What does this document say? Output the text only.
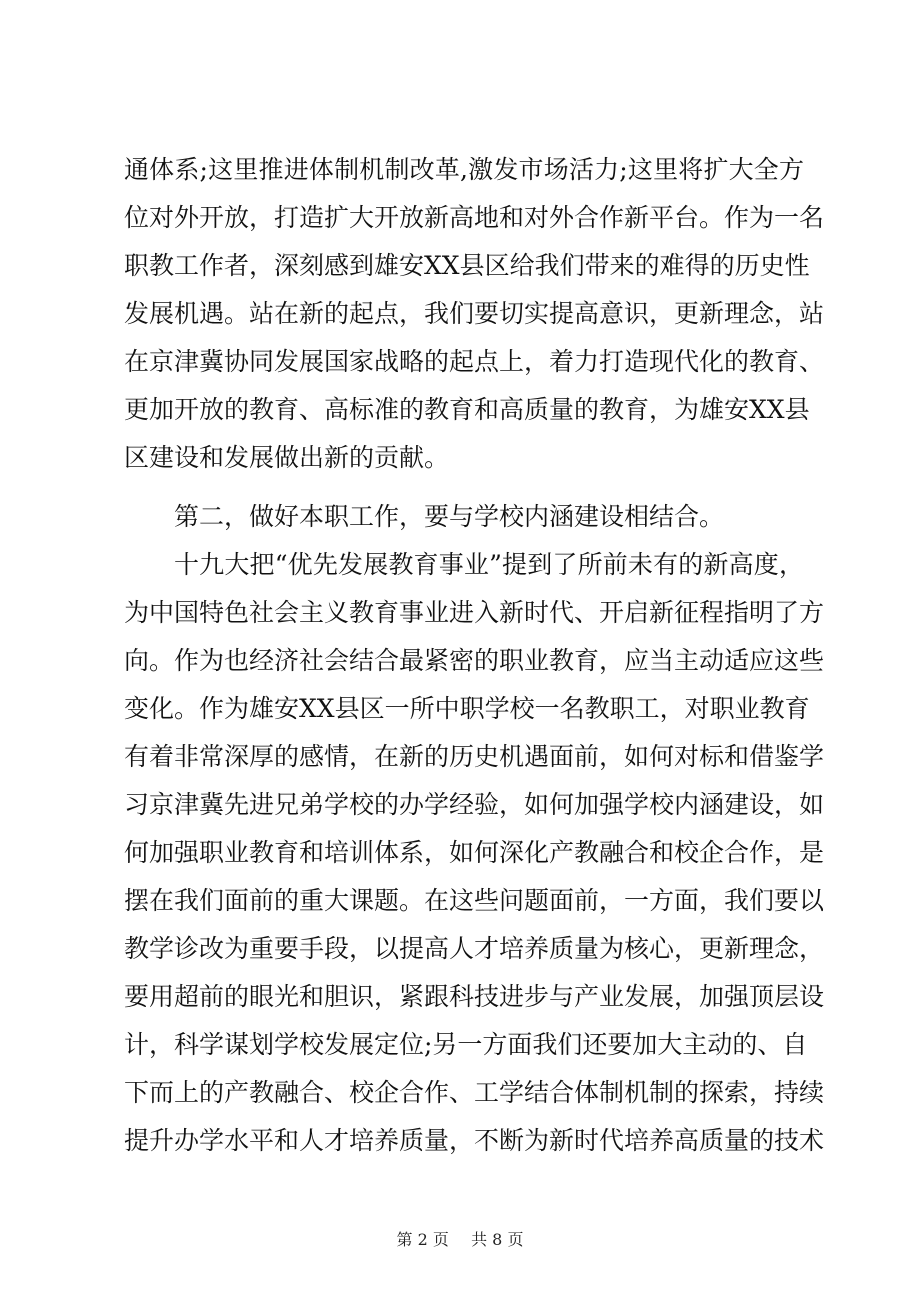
通体系;这里推进体制机制改革,激发市场活力;这里将扩大全方
位对外开放，打造扩大开放新高地和对外合作新平台。作为一名
职教工作者，深刻感到雄安XX县区给我们带来的难得的历史性
发展机遇。站在新的起点，我们要切实提高意识，更新理念，站
在京津冀协同发展国家战略的起点上，着力打造现代化的教育、
更加开放的教育、高标准的教育和高质量的教育，为雄安XX县
区建设和发展做出新的贡献。
第二，做好本职工作，要与学校内涵建设相结合。
十九大把“优先发展教育事业”提到了所前未有的新高度，
为中国特色社会主义教育事业进入新时代、开启新征程指明了方
向。作为也经济社会结合最紧密的职业教育，应当主动适应这些
变化。作为雄安XX县区一所中职学校一名教职工，对职业教育
有着非常深厚的感情，在新的历史机遇面前，如何对标和借鉴学
习京津冀先进兄弟学校的办学经验，如何加强学校内涵建设，如
何加强职业教育和培训体系，如何深化产教融合和校企合作，是
摆在我们面前的重大课题。在这些问题面前，一方面，我们要以
教学诊改为重要手段，以提高人才培养质量为核心，更新理念，
要用超前的眼光和胆识，紧跟科技进步与产业发展，加强顶层设
计，科学谋划学校发展定位;另一方面我们还要加大主动的、自
下而上的产教融合、校企合作、工学结合体制机制的探索，持续
提升办学水平和人才培养质量，不断为新时代培养高质量的技术
第 2 页 共 8 页
